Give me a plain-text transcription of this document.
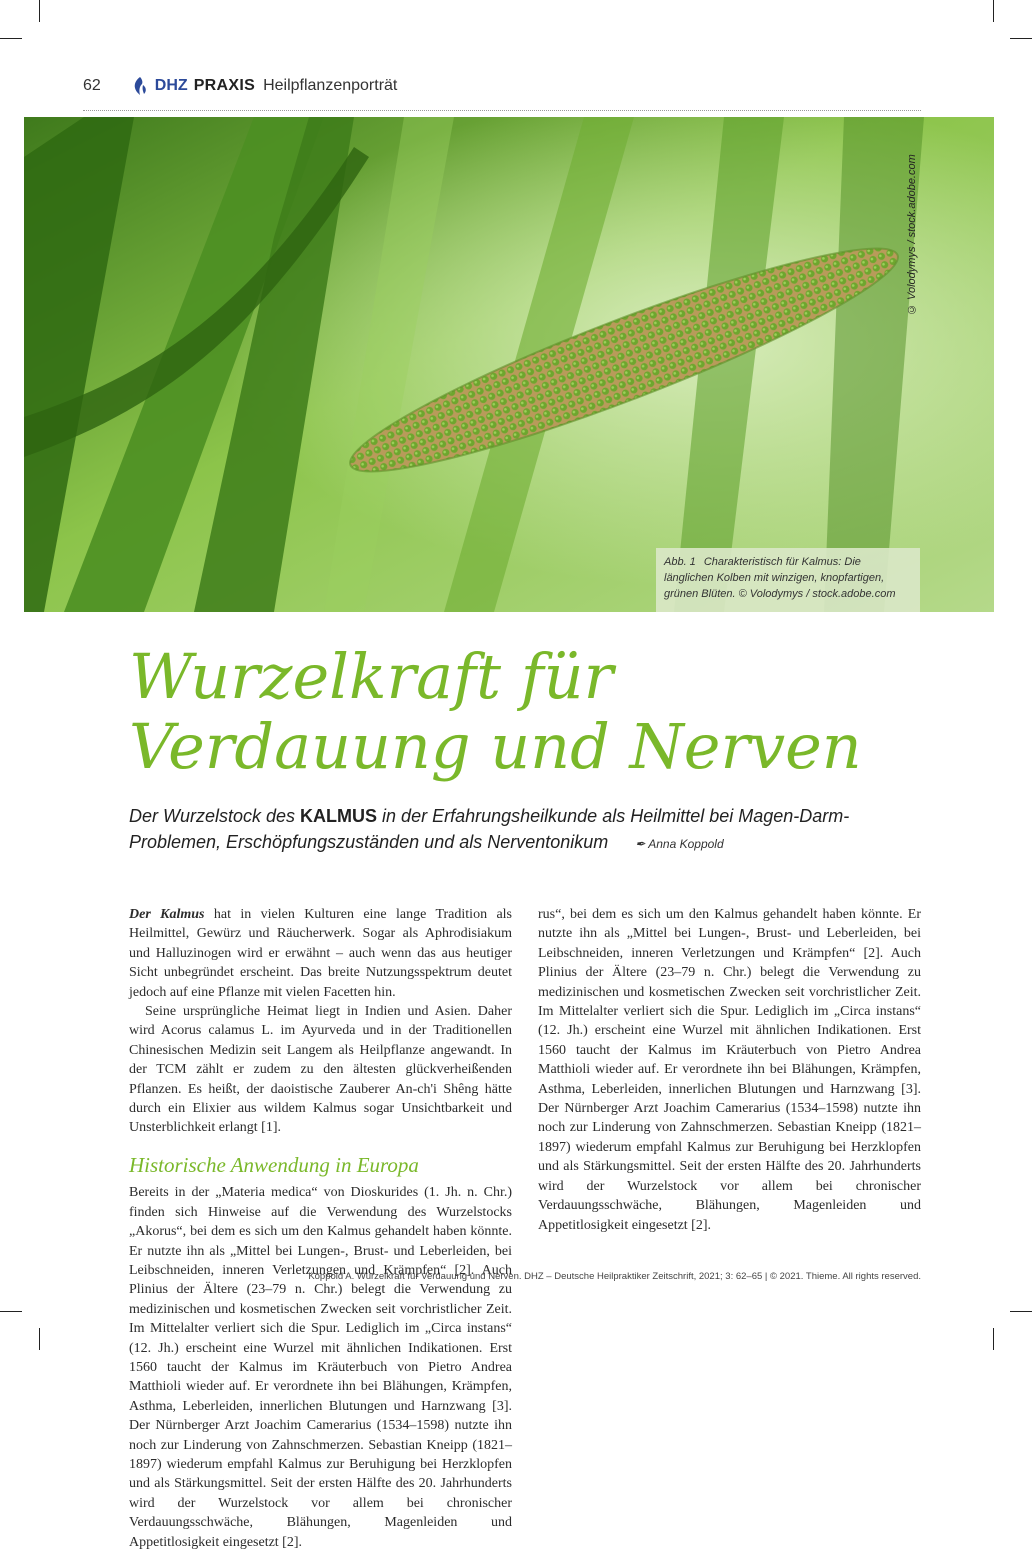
62	DHZ PRAXIS Heilpflanzenporträt
© Volodymys / stock.adobe.com
Abb. 1 Charakteristisch für Kalmus: Die länglichen Kolben mit winzigen, knopfartigen, grünen Blüten. © Volodymys / stock.adobe.com
Wurzelkraft für
Verdauung und Nerven
Der Wurzelstock des KALMUS in der Erfahrungsheilkunde als Heilmittel bei Magen-Darm-Problemen, Erschöpfungszuständen und als Nerventonikum ✒ Anna Koppold

Der Kalmus hat in vielen Kulturen eine lange Tradition als Heilmittel, Gewürz und Räucherwerk. Sogar als Aphrodisiakum und Halluzinogen wird er erwähnt – auch wenn das aus heutiger Sicht unbegründet erscheint. Das breite Nutzungsspektrum deutet jedoch auf eine Pflanze mit vielen Facetten hin.

Seine ursprüngliche Heimat liegt in Indien und Asien. Daher wird Acorus calamus L. im Ayurveda und in der Traditionellen Chinesischen Medizin seit Langem als Heilpflanze angewandt. In der TCM zählt er zudem zu den ältesten glückverheißenden Pflanzen. Es heißt, der daoistische Zauberer An-ch'i Shêng hätte durch ein Elixier aus wildem Kalmus sogar Unsichtbarkeit und Unsterblichkeit erlangt [1].

Historische Anwendung in Europa

Bereits in der „Materia medica“ von Dioskurides (1. Jh. n. Chr.) finden sich Hinweise auf die Verwendung des Wurzelstocks „Akorus“, bei dem es sich um den Kalmus gehandelt haben könnte. Er nutzte ihn als „Mittel bei Lungen-, Brust- und Leberleiden, bei Leibschneiden, inneren Verletzungen und Krämpfen“ [2]. Auch Plinius der Ältere (23–79 n. Chr.) belegt die Verwendung zu medizinischen und kosmetischen Zwecken seit vorchristlicher Zeit. Im Mittelalter verliert sich die Spur. Lediglich im „Circa instans“ (12. Jh.) erscheint eine Wurzel mit ähnlichen Indikationen. Erst 1560 taucht der Kalmus im Kräuterbuch von Pietro Andrea Matthioli wieder auf. Er verordnete ihn bei Blähungen, Krämpfen, Asthma, Leberleiden, innerlichen Blutungen und Harnzwang [3]. Der Nürnberger Arzt Joachim Camerarius (1534–1598) nutzte ihn noch zur Linderung von Zahnschmerzen. Sebastian Kneipp (1821–1897) wiederum empfahl Kalmus zur Beruhigung bei Herzklopfen und als Stärkungsmittel. Seit der ersten Hälfte des 20. Jahrhunderts wird der Wurzelstock vor allem bei chronischer Verdauungsschwäche, Blähungen, Magenleiden und Appetitlosigkeit eingesetzt [2].

rus“, bei dem es sich um den Kalmus gehandelt haben könnte. Er nutzte ihn als „Mittel bei Lungen-, Brust- und Leberleiden, bei Leibschneiden, inneren Verletzungen und Krämpfen“ [2]. Auch Plinius der Ältere (23–79 n. Chr.) belegt die Verwendung zu medizinischen und kosmetischen Zwecken seit vorchristlicher Zeit. Im Mittelalter verliert sich die Spur. Lediglich im „Circa instans“ (12. Jh.) erscheint eine Wurzel mit ähnlichen Indikationen. Erst 1560 taucht der Kalmus im Kräuterbuch von Pietro Andrea Matthioli wieder auf. Er verordnete ihn bei Blähungen, Krämpfen, Asthma, Leberleiden, innerlichen Blutungen und Harnzwang [3]. Der Nürnberger Arzt Joachim Camerarius (1534–1598) nutzte ihn noch zur Linderung von Zahnschmerzen. Sebastian Kneipp (1821–1897) wiederum empfahl Kalmus zur Beruhigung bei Herzklopfen und als Stärkungsmittel. Seit der ersten Hälfte des 20. Jahrhunderts wird der Wurzelstock vor allem bei chronischer Verdauungsschwäche, Blähungen, Magenleiden und Appetitlosigkeit eingesetzt [2].

Koppold A. Wurzelkraft für Verdauung und Nerven. DHZ – Deutsche Heilpraktiker Zeitschrift, 2021; 3: 62–65 | © 2021. Thieme. All rights reserved.
